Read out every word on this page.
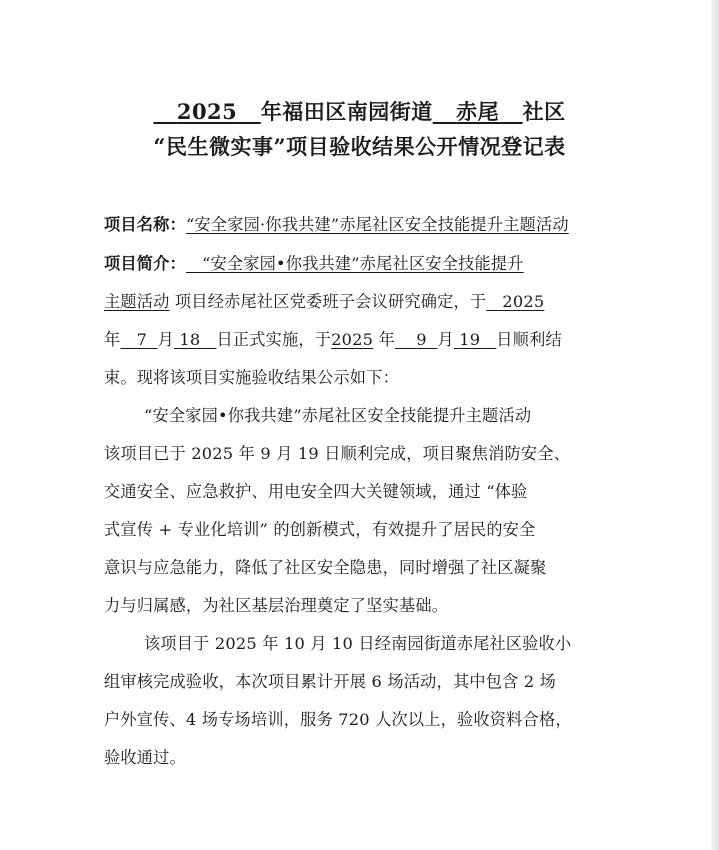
2025 年福田区南园街道 赤尾 社区
“民生微实事”项目验收结果公开情况登记表
项目名称：“安全家园·你我共建”赤尾社区安全技能提升主题活动
项目简介： “安全家园•你我共建”赤尾社区安全技能提升
主题活动 项目经赤尾社区党委班子会议研究确定，于 2025
年 7 月 18 日正式实施，于2025 年 9 月 19 日顺利结
束。现将该项目实施验收结果公示如下：
“安全家园•你我共建”赤尾社区安全技能提升主题活动
该项目已于 2025 年 9 月 19 日顺利完成，项目聚焦消防安全、
交通安全、应急救护、用电安全四大关键领域，通过 “体验
式宣传 + 专业化培训” 的创新模式，有效提升了居民的安全
意识与应急能力，降低了社区安全隐患，同时增强了社区凝聚
力与归属感，为社区基层治理奠定了坚实基础。
该项目于 2025 年 10 月 10 日经南园街道赤尾社区验收小
组审核完成验收，本次项目累计开展 6 场活动，其中包含 2 场
户外宣传、4 场专场培训，服务 720 人次以上，验收资料合格，
验收通过。
